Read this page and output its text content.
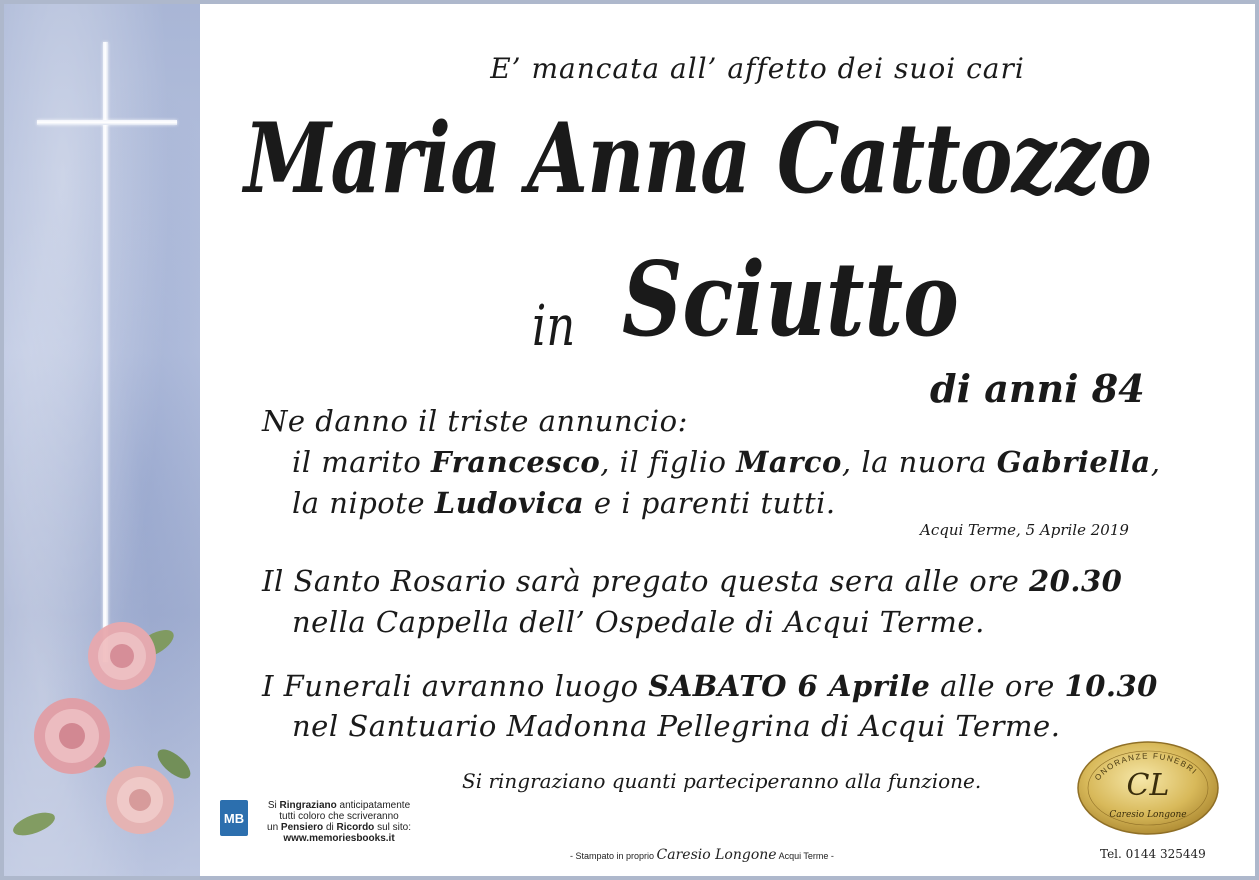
E’ mancata all’ affetto dei suoi cari
Maria Anna Cattozzo
in Sciutto
di anni 84
Ne danno il triste annuncio:
il marito Francesco, il figlio Marco, la nuora Gabriella,
la nipote Ludovica e i parenti tutti.
Acqui Terme, 5 Aprile 2019
Il Santo Rosario sarà pregato questa sera alle ore 20.30
nella Cappella dell’ Ospedale di Acqui Terme.
I Funerali avranno luogo SABATO 6 Aprile alle ore 10.30
nel Santuario Madonna Pellegrina di Acqui Terme.
Si ringraziano quanti parteciperanno alla funzione.
MB
Si Ringraziano anticipatamente
tutti coloro che scriveranno
un Pensiero di Ricordo sul sito:
www.memoriesbooks.it
- Stampato in proprio Caresio Longone Acqui Terme -
ONORANZE FUNEBRI
CL
Caresio Longone
Tel. 0144 325449
